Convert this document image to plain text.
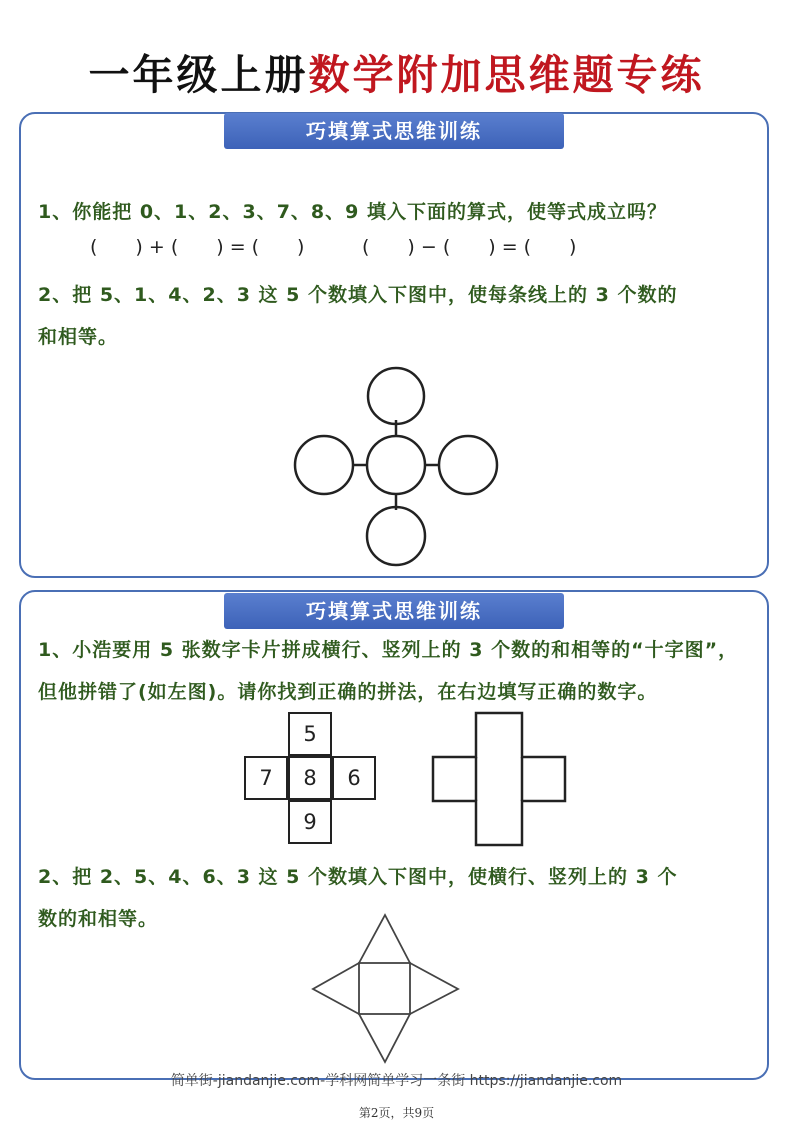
一年级上册数学附加思维题专练
巧填算式思维训练
1、你能把 0、1、2、3、7、8、9 填入下面的算式，使等式成立吗？
(　　) + (　　) = (　　)	(　　) − (　　) = (　　)
2、把 5、1、4、2、3 这 5 个数填入下图中，使每条线上的 3 个数的
和相等。
巧填算式思维训练
1、小浩要用 5 张数字卡片拼成横行、竖列上的 3 个数的和相等的“十字图”，
但他拼错了(如左图)。请你找到正确的拼法，在右边填写正确的数字。
5
7	8	6
9
2、把 2、5、4、6、3 这 5 个数填入下图中，使横行、竖列上的 3 个
数的和相等。
简单街-jiandanjie.com-学科网简单学习一条街 https://jiandanjie.com
第2页，共9页
